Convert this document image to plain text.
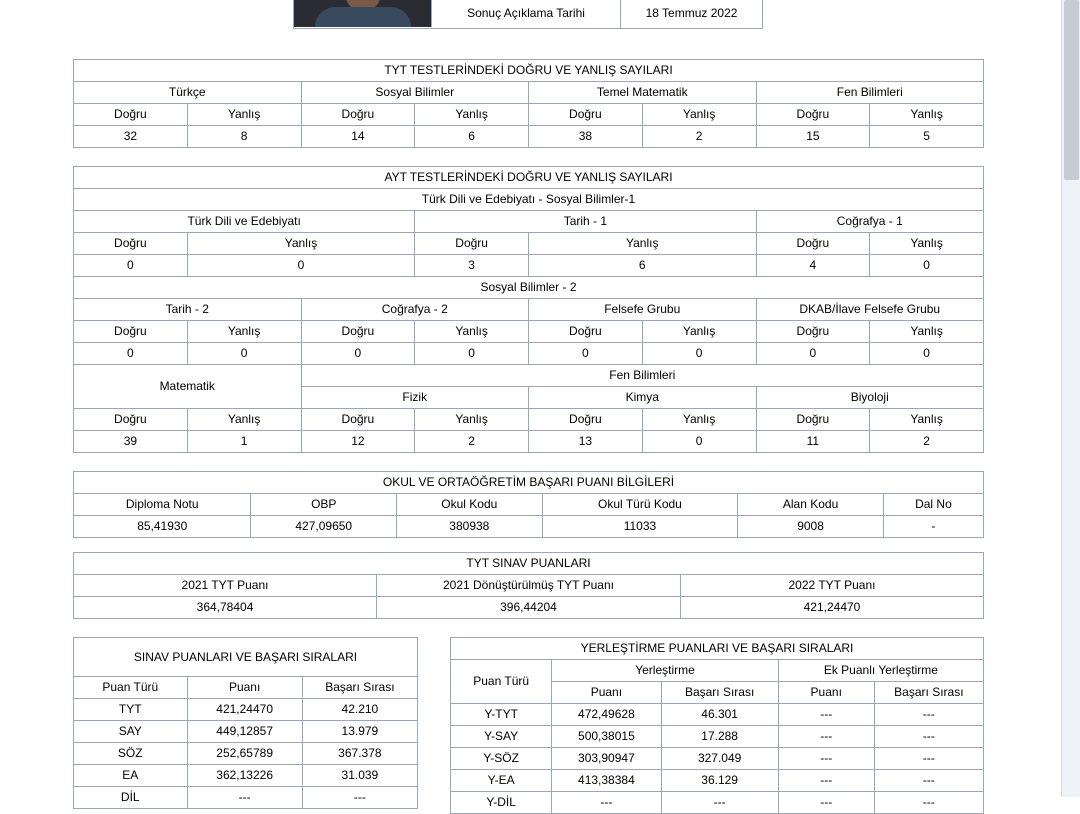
Sonuç Açıklama Tarihi	18 Temmuz 2022
TYT TESTLERİNDEKİ DOĞRU VE YANLIŞ SAYILARI							
Türkçe		Sosyal Bilimler		Temel Matematik		Fen Bilimleri	
Doğru	Yanlış	Doğru	Yanlış	Doğru	Yanlış	Doğru	Yanlış
32	8	14	6	38	2	15	5
AYT TESTLERİNDEKİ DOĞRU VE YANLIŞ SAYILARI							
Türk Dili ve Edebiyatı - Sosyal Bilimler-1							
Türk Dili ve Edebiyatı			Tarih - 1			Coğrafya - 1	
Doğru	Yanlış		Doğru	Yanlış		Doğru	Yanlış
0	0		3	6		4	0
Sosyal Bilimler - 2							
Tarih - 2		Coğrafya - 2		Felsefe Grubu		DKAB/İlave Felsefe Grubu	
Doğru	Yanlış	Doğru	Yanlış	Doğru	Yanlış	Doğru	Yanlış
0	0	0	0	0	0	0	0
Matematik		Fen Bilimleri					
		Fizik		Kimya		Biyoloji	
Doğru	Yanlış	Doğru	Yanlış	Doğru	Yanlış	Doğru	Yanlış
39	1	12	2	13	0	11	2
OKUL VE ORTAÖĞRETİM BAŞARI PUANI BİLGİLERİ					
Diploma Notu	OBP	Okul Kodu	Okul Türü Kodu	Alan Kodu	Dal No
85,41930	427,09650	380938	11033	9008	-
TYT SINAV PUANLARI		
2021 TYT Puanı	2021 Dönüştürülmüş TYT Puanı	2022 TYT Puanı
364,78404	396,44204	421,24470
SINAV PUANLARI VE BAŞARI SIRALARI		
Puan Türü	Puanı	Başarı Sırası
TYT	421,24470	42.210
SAY	449,12857	13.979
SÖZ	252,65789	367.378
EA	362,13226	31.039
DİL	---	---
YERLEŞTİRME PUANLARI VE BAŞARI SIRALARI				
Puan Türü	Yerleştirme		Ek Puanlı Yerleştirme	
	Puanı	Başarı Sırası	Puanı	Başarı Sırası
Y-TYT	472,49628	46.301	---	---
Y-SAY	500,38015	17.288	---	---
Y-SÖZ	303,90947	327.049	---	---
Y-EA	413,38384	36.129	---	---
Y-DİL	---	---	---	---
